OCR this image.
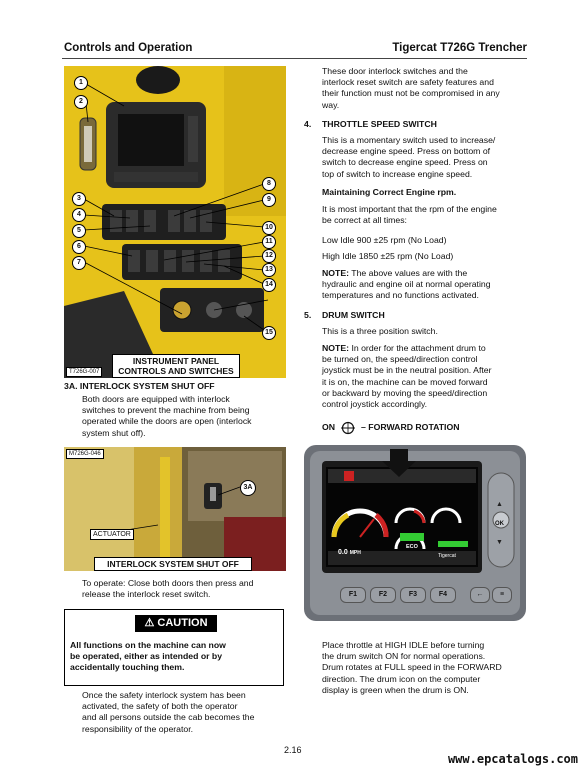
Controls and Operation	Tigercat T726G Trencher
1
2
3
4
5
6
7
8
9
10
11
12
13
14
15
T726G-007
INSTRUMENT PANEL
CONTROLS AND SWITCHES
3A. INTERLOCK SYSTEM SHUT OFF
Both doors are equipped with interlock
switches to prevent the machine from being
operated while the doors are open (interlock
system shut off).
M726G-046
3A
ACTUATOR
INTERLOCK SYSTEM SHUT OFF
To operate: Close both doors then press and
release the interlock reset switch.
⚠ CAUTION
All functions on the machine can now
be operated, either as intended or by
accidentally touching them.
Once the safety interlock system has been
activated, the safety of both the operator
and all persons outside the cab becomes the
responsibility of the operator.
These door interlock switches and the
interlock reset switch are safety features and
their function must not be compromised in any
way.
4. THROTTLE SPEED SWITCH
This is a momentary switch used to increase/
decrease engine speed. Press on bottom of
switch to decrease engine speed. Press on
top of switch to increase engine speed.
Maintaining Correct Engine rpm.
It is most important that the rpm of the engine
be correct at all times:
Low Idle 900 ±25 rpm (No Load)
High Idle 1850 ±25 rpm (No Load)
NOTE: The above values are with the
hydraulic and engine oil at normal operating
temperatures and no functions activated.
5. DRUM SWITCH
This is a three position switch.
NOTE: In order for the attachment drum to
be turned on, the speed/direction control
joystick must be in the neutral position. After
it is on, the machine can be moved forward
or backward by moving the speed/direction
control joystick accordingly.
ON	– FORWARD ROTATION
0.0 MPH
ECO
Tigercat
▲
OK
▼
F1	F2	F3	F4	←	≡
Place throttle at HIGH IDLE before turning
the drum switch ON for normal operations.
Drum rotates at FULL speed in the FORWARD
direction. The drum icon on the computer
display is green when the drum is ON.
2.16
www.epcatalogs.com
